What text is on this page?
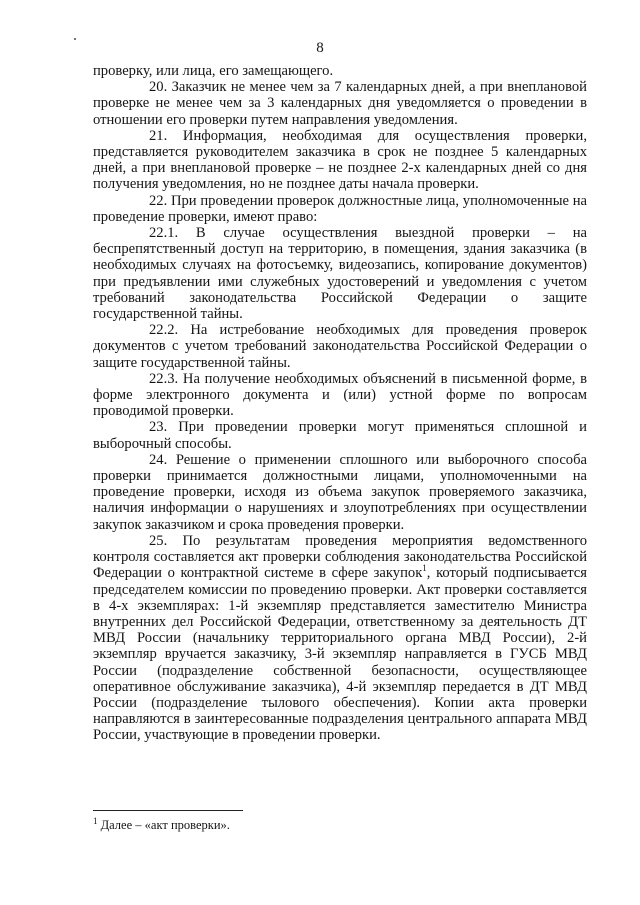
8

проверку, или лица, его замещающего.

20. Заказчик не менее чем за 7 календарных дней, а при внеплановой проверке не менее чем за 3 календарных дня уведомляется о проведении в отношении его проверки путем направления уведомления.

21. Информация, необходимая для осуществления проверки, представляется руководителем заказчика в срок не позднее 5 календарных дней, а при внеплановой проверке – не позднее 2-х календарных дней со дня получения уведомления, но не позднее даты начала проверки.

22. При проведении проверок должностные лица, уполномоченные на проведение проверки, имеют право:

22.1. В случае осуществления выездной проверки – на беспрепятственный доступ на территорию, в помещения, здания заказчика (в необходимых случаях на фотосъемку, видеозапись, копирование документов) при предъявлении ими служебных удостоверений и уведомления с учетом требований законодательства Российской Федерации о защите государственной тайны.

22.2. На истребование необходимых для проведения проверок документов с учетом требований законодательства Российской Федерации о защите государственной тайны.

22.3. На получение необходимых объяснений в письменной форме, в форме электронного документа и (или) устной форме по вопросам проводимой проверки.

23. При проведении проверки могут применяться сплошной и выборочный способы.

24. Решение о применении сплошного или выборочного способа проверки принимается должностными лицами, уполномоченными на проведение проверки, исходя из объема закупок проверяемого заказчика, наличия информации о нарушениях и злоупотреблениях при осуществлении закупок заказчиком и срока проведения проверки.

25. По результатам проведения мероприятия ведомственного контроля составляется акт проверки соблюдения законодательства Российской Федерации о контрактной системе в сфере закупок$^1$, который подписывается председателем комиссии по проведению проверки. Акт проверки составляется в 4-х экземплярах: 1-й экземпляр представляется заместителю Министра внутренних дел Российской Федерации, ответственному за деятельность ДТ МВД России (начальнику территориального органа МВД России), 2-й экземпляр вручается заказчику, 3-й экземпляр направляется в ГУСБ МВД России (подразделение собственной безопасности, осуществляющее оперативное обслуживание заказчика), 4-й экземпляр передается в ДТ МВД России (подразделение тылового обеспечения). Копии акта проверки направляются в заинтересованные подразделения центрального аппарата МВД России, участвующие в проведении проверки.

$^1$ Далее – «акт проверки».
